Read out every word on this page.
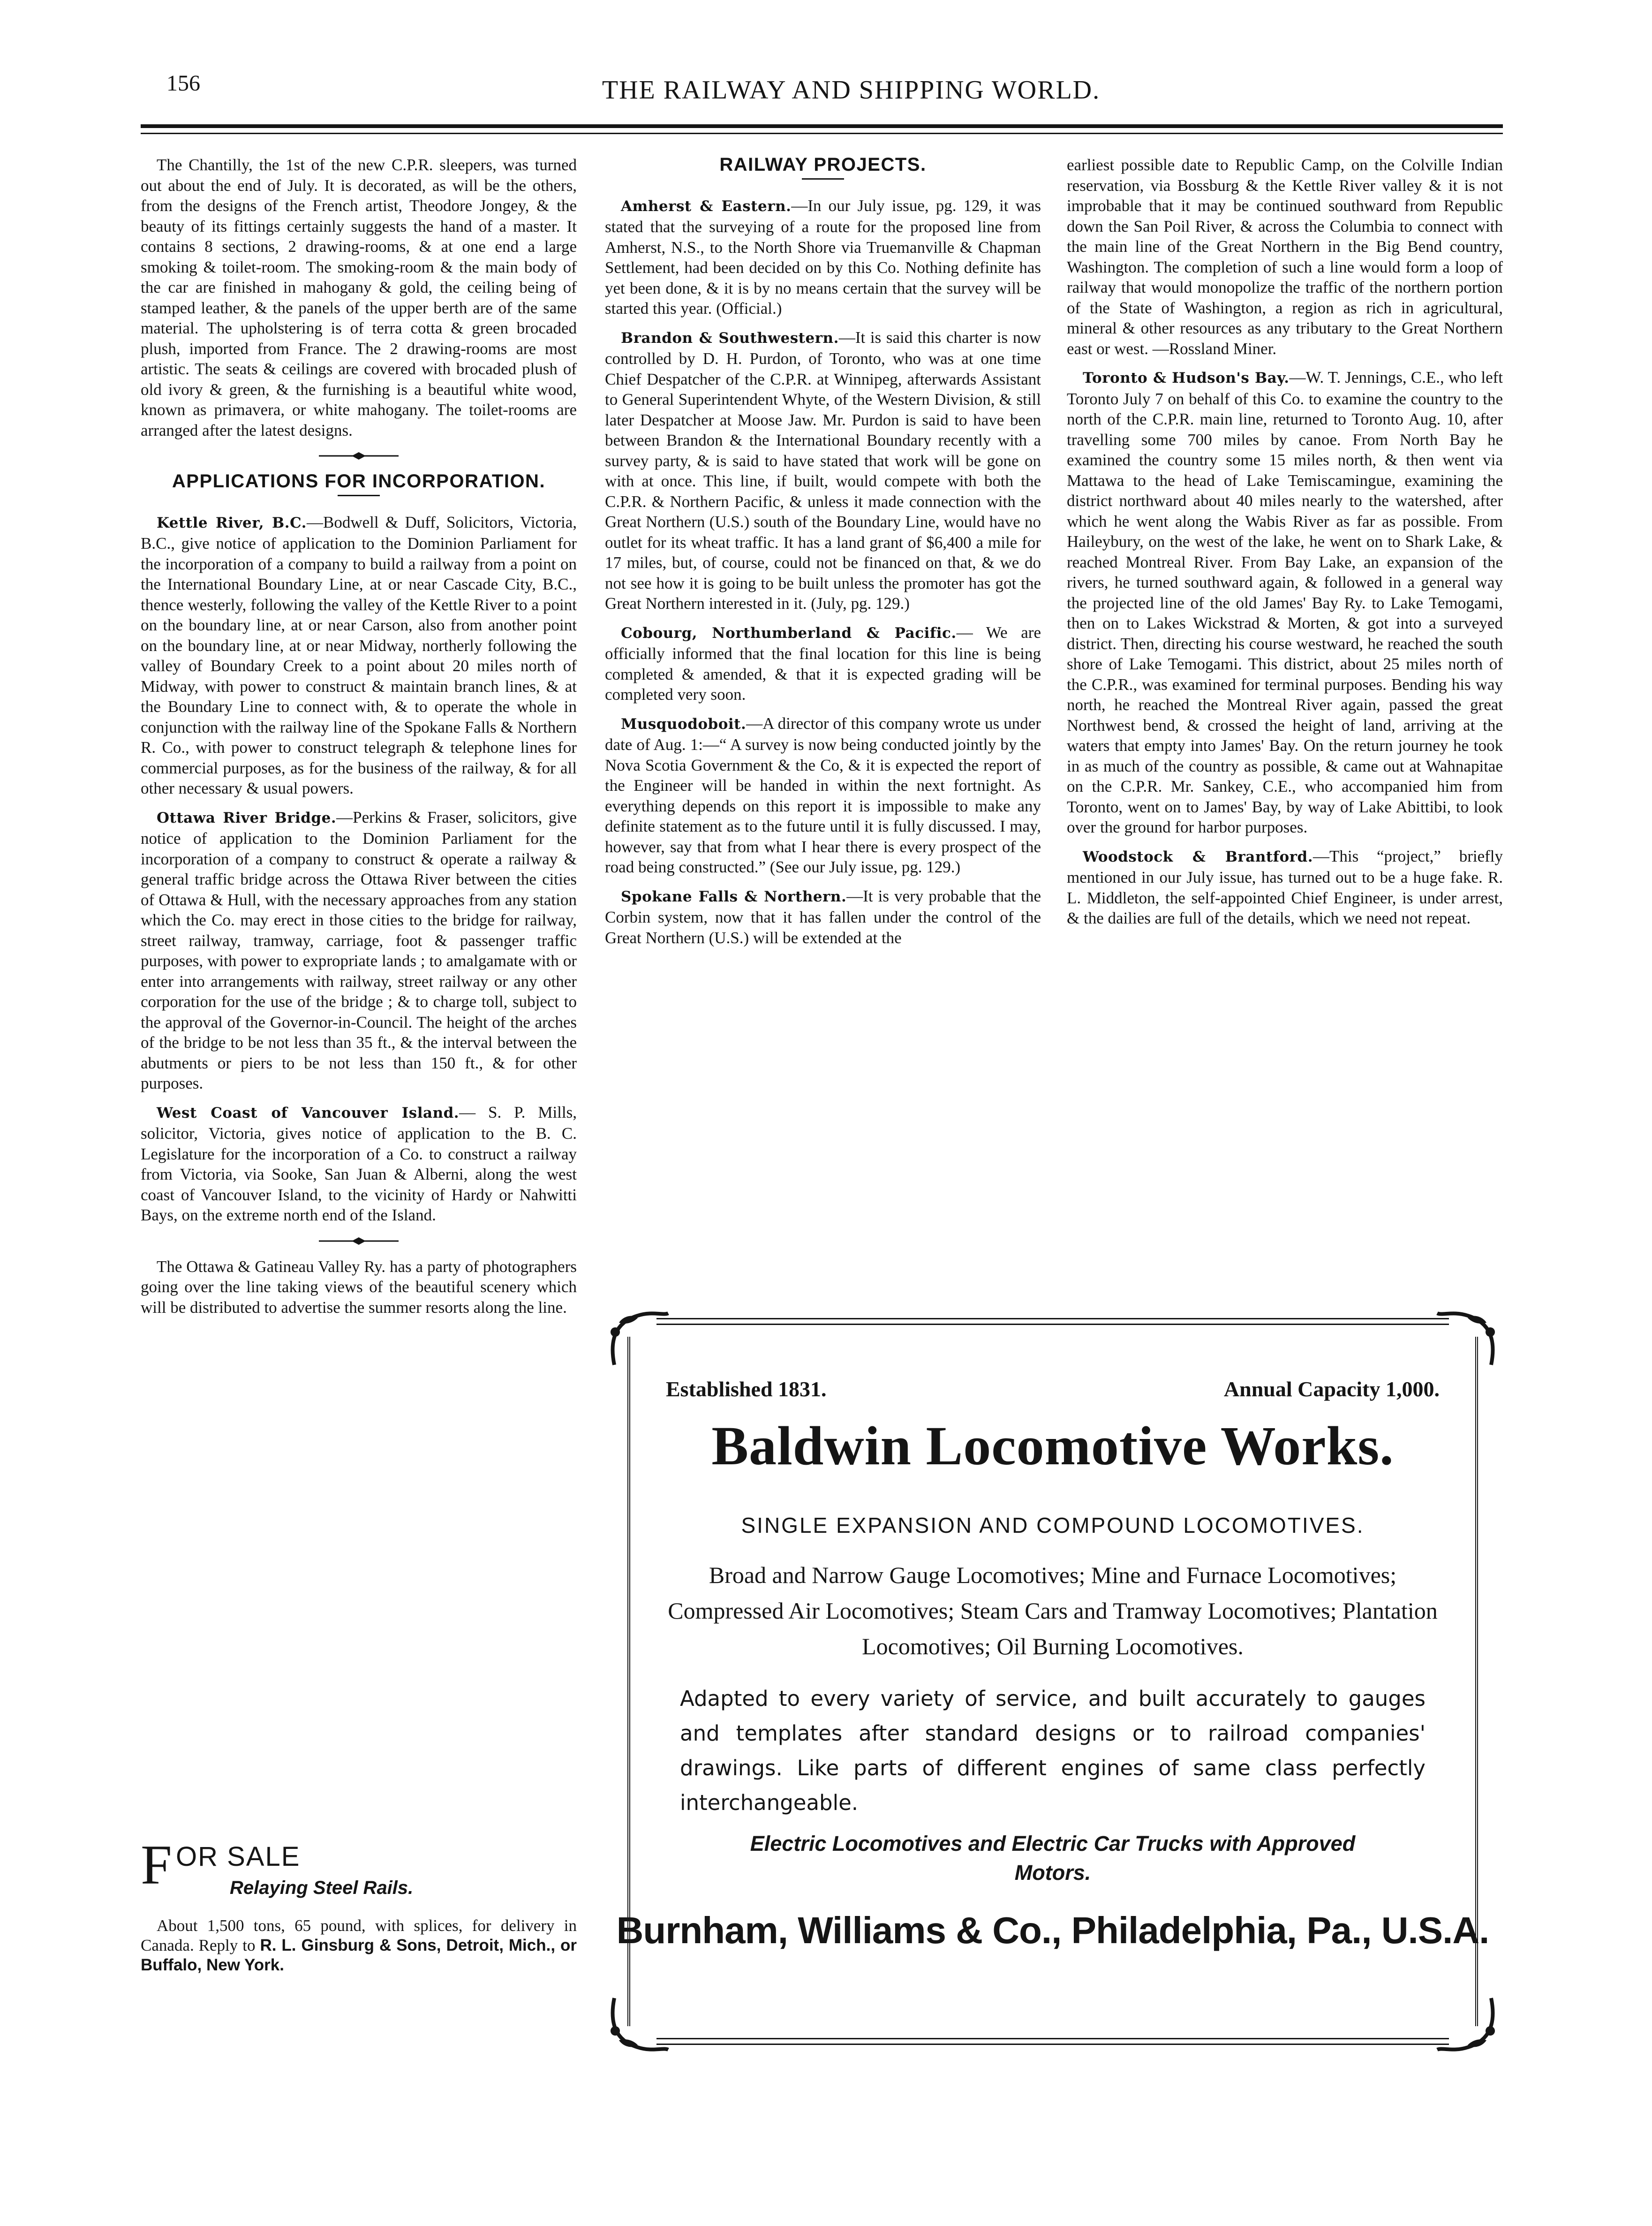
156	THE RAILWAY AND SHIPPING WORLD.

The Chantilly, the 1st of the new C.P.R. sleepers, was turned out about the end of July. It is decorated, as will be the others, from the designs of the French artist, Theodore Jongey, & the beauty of its fittings certainly suggests the hand of a master. It contains 8 sections, 2 drawing-rooms, & at one end a large smoking & toilet-room. The smoking-room & the main body of the car are finished in mahogany & gold, the ceiling being of stamped leather, & the panels of the upper berth are of the same material. The upholstering is of terra cotta & green brocaded plush, imported from France. The 2 drawing-rooms are most artistic. The seats & ceilings are covered with brocaded plush of old ivory & green, & the furnishing is a beautiful white wood, known as primavera, or white mahogany. The toilet-rooms are arranged after the latest designs.

APPLICATIONS FOR INCORPORATION.

Kettle River, B.C.—Bodwell & Duff, Solicitors, Victoria, B.C., give notice of application to the Dominion Parliament for the incorporation of a company to build a railway from a point on the International Boundary Line, at or near Cascade City, B.C., thence westerly, following the valley of the Kettle River to a point on the boundary line, at or near Carson, also from another point on the boundary line, at or near Midway, northerly following the valley of Boundary Creek to a point about 20 miles north of Midway, with power to construct & maintain branch lines, & at the Boundary Line to connect with, & to operate the whole in conjunction with the railway line of the Spokane Falls & Northern R. Co., with power to construct telegraph & telephone lines for commercial purposes, as for the business of the railway, & for all other necessary & usual powers.

Ottawa River Bridge.—Perkins & Fraser, solicitors, give notice of application to the Dominion Parliament for the incorporation of a company to construct & operate a railway & general traffic bridge across the Ottawa River between the cities of Ottawa & Hull, with the necessary approaches from any station which the Co. may erect in those cities to the bridge for railway, street railway, tramway, carriage, foot & passenger traffic purposes, with power to expropriate lands ; to amalgamate with or enter into arrangements with railway, street railway or any other corporation for the use of the bridge ; & to charge toll, subject to the approval of the Governor-in-Council. The height of the arches of the bridge to be not less than 35 ft., & the interval between the abutments or piers to be not less than 150 ft., & for other purposes.

West Coast of Vancouver Island.— S. P. Mills, solicitor, Victoria, gives notice of application to the B. C. Legislature for the incorporation of a Co. to construct a railway from Victoria, via Sooke, San Juan & Alberni, along the west coast of Vancouver Island, to the vicinity of Hardy or Nahwitti Bays, on the extreme north end of the Island.

The Ottawa & Gatineau Valley Ry. has a party of photographers going over the line taking views of the beautiful scenery which will be distributed to advertise the summer resorts along the line.

F OR SALE
Relaying Steel Rails.
About 1,500 tons, 65 pound, with splices, for delivery in Canada. Reply to R. L. Ginsburg & Sons, Detroit, Mich., or Buffalo, New York.
RAILWAY PROJECTS.

Amherst & Eastern.—In our July issue, pg. 129, it was stated that the surveying of a route for the proposed line from Amherst, N.S., to the North Shore via Truemanville & Chapman Settlement, had been decided on by this Co. Nothing definite has yet been done, & it is by no means certain that the survey will be started this year. (Official.)

Brandon & Southwestern.—It is said this charter is now controlled by D. H. Purdon, of Toronto, who was at one time Chief Despatcher of the C.P.R. at Winnipeg, afterwards Assistant to General Superintendent Whyte, of the Western Division, & still later Despatcher at Moose Jaw. Mr. Purdon is said to have been between Brandon & the International Boundary recently with a survey party, & is said to have stated that work will be gone on with at once. This line, if built, would compete with both the C.P.R. & Northern Pacific, & unless it made connection with the Great Northern (U.S.) south of the Boundary Line, would have no outlet for its wheat traffic. It has a land grant of $6,400 a mile for 17 miles, but, of course, could not be financed on that, & we do not see how it is going to be built unless the promoter has got the Great Northern interested in it. (July, pg. 129.)

Cobourg, Northumberland & Pacific.— We are officially informed that the final location for this line is being completed & amended, & that it is expected grading will be completed very soon.

Musquodoboit.—A director of this company wrote us under date of Aug. 1:—“ A survey is now being conducted jointly by the Nova Scotia Government & the Co, & it is expected the report of the Engineer will be handed in within the next fortnight. As everything depends on this report it is impossible to make any definite statement as to the future until it is fully discussed. I may, however, say that from what I hear there is every prospect of the road being constructed.” (See our July issue, pg. 129.)

Spokane Falls & Northern.—It is very probable that the Corbin system, now that it has fallen under the control of the Great Northern (U.S.) will be extended at the

earliest possible date to Republic Camp, on the Colville Indian reservation, via Bossburg & the Kettle River valley & it is not improbable that it may be continued southward from Republic down the San Poil River, & across the Columbia to connect with the main line of the Great Northern in the Big Bend country, Washington. The completion of such a line would form a loop of railway that would monopolize the traffic of the northern portion of the State of Washington, a region as rich in agricultural, mineral & other resources as any tributary to the Great Northern east or west. —Rossland Miner.

Toronto & Hudson's Bay.—W. T. Jennings, C.E., who left Toronto July 7 on behalf of this Co. to examine the country to the north of the C.P.R. main line, returned to Toronto Aug. 10, after travelling some 700 miles by canoe. From North Bay he examined the country some 15 miles north, & then went via Mattawa to the head of Lake Temiscamingue, examining the district northward about 40 miles nearly to the watershed, after which he went along the Wabis River as far as possible. From Haileybury, on the west of the lake, he went on to Shark Lake, & reached Montreal River. From Bay Lake, an expansion of the rivers, he turned southward again, & followed in a general way the projected line of the old James' Bay Ry. to Lake Temogami, then on to Lakes Wickstrad & Morten, & got into a surveyed district. Then, directing his course westward, he reached the south shore of Lake Temogami. This district, about 25 miles north of the C.P.R., was examined for terminal purposes. Bending his way north, he reached the Montreal River again, passed the great Northwest bend, & crossed the height of land, arriving at the waters that empty into James' Bay. On the return journey he took in as much of the country as possible, & came out at Wahnapitae on the C.P.R. Mr. Sankey, C.E., who accompanied him from Toronto, went on to James' Bay, by way of Lake Abittibi, to look over the ground for harbor purposes.

Woodstock & Brantford.—This “project,” briefly mentioned in our July issue, has turned out to be a huge fake. R. L. Middleton, the self-appointed Chief Engineer, is under arrest, & the dailies are full of the details, which we need not repeat.

Established 1831.	Annual Capacity 1,000.
Baldwin Locomotive Works.
SINGLE EXPANSION AND COMPOUND LOCOMOTIVES.
Broad and Narrow Gauge Locomotives; Mine and Furnace Locomotives; Compressed Air Locomotives; Steam Cars and Tramway Locomotives; Plantation Locomotives; Oil Burning Locomotives.
Adapted to every variety of service, and built accurately to gauges and templates after standard designs or to railroad companies' drawings. Like parts of different engines of same class perfectly interchangeable.
Electric Locomotives and Electric Car Trucks with Approved Motors.
Burnham, Williams & Co., Philadelphia, Pa., U.S.A.
